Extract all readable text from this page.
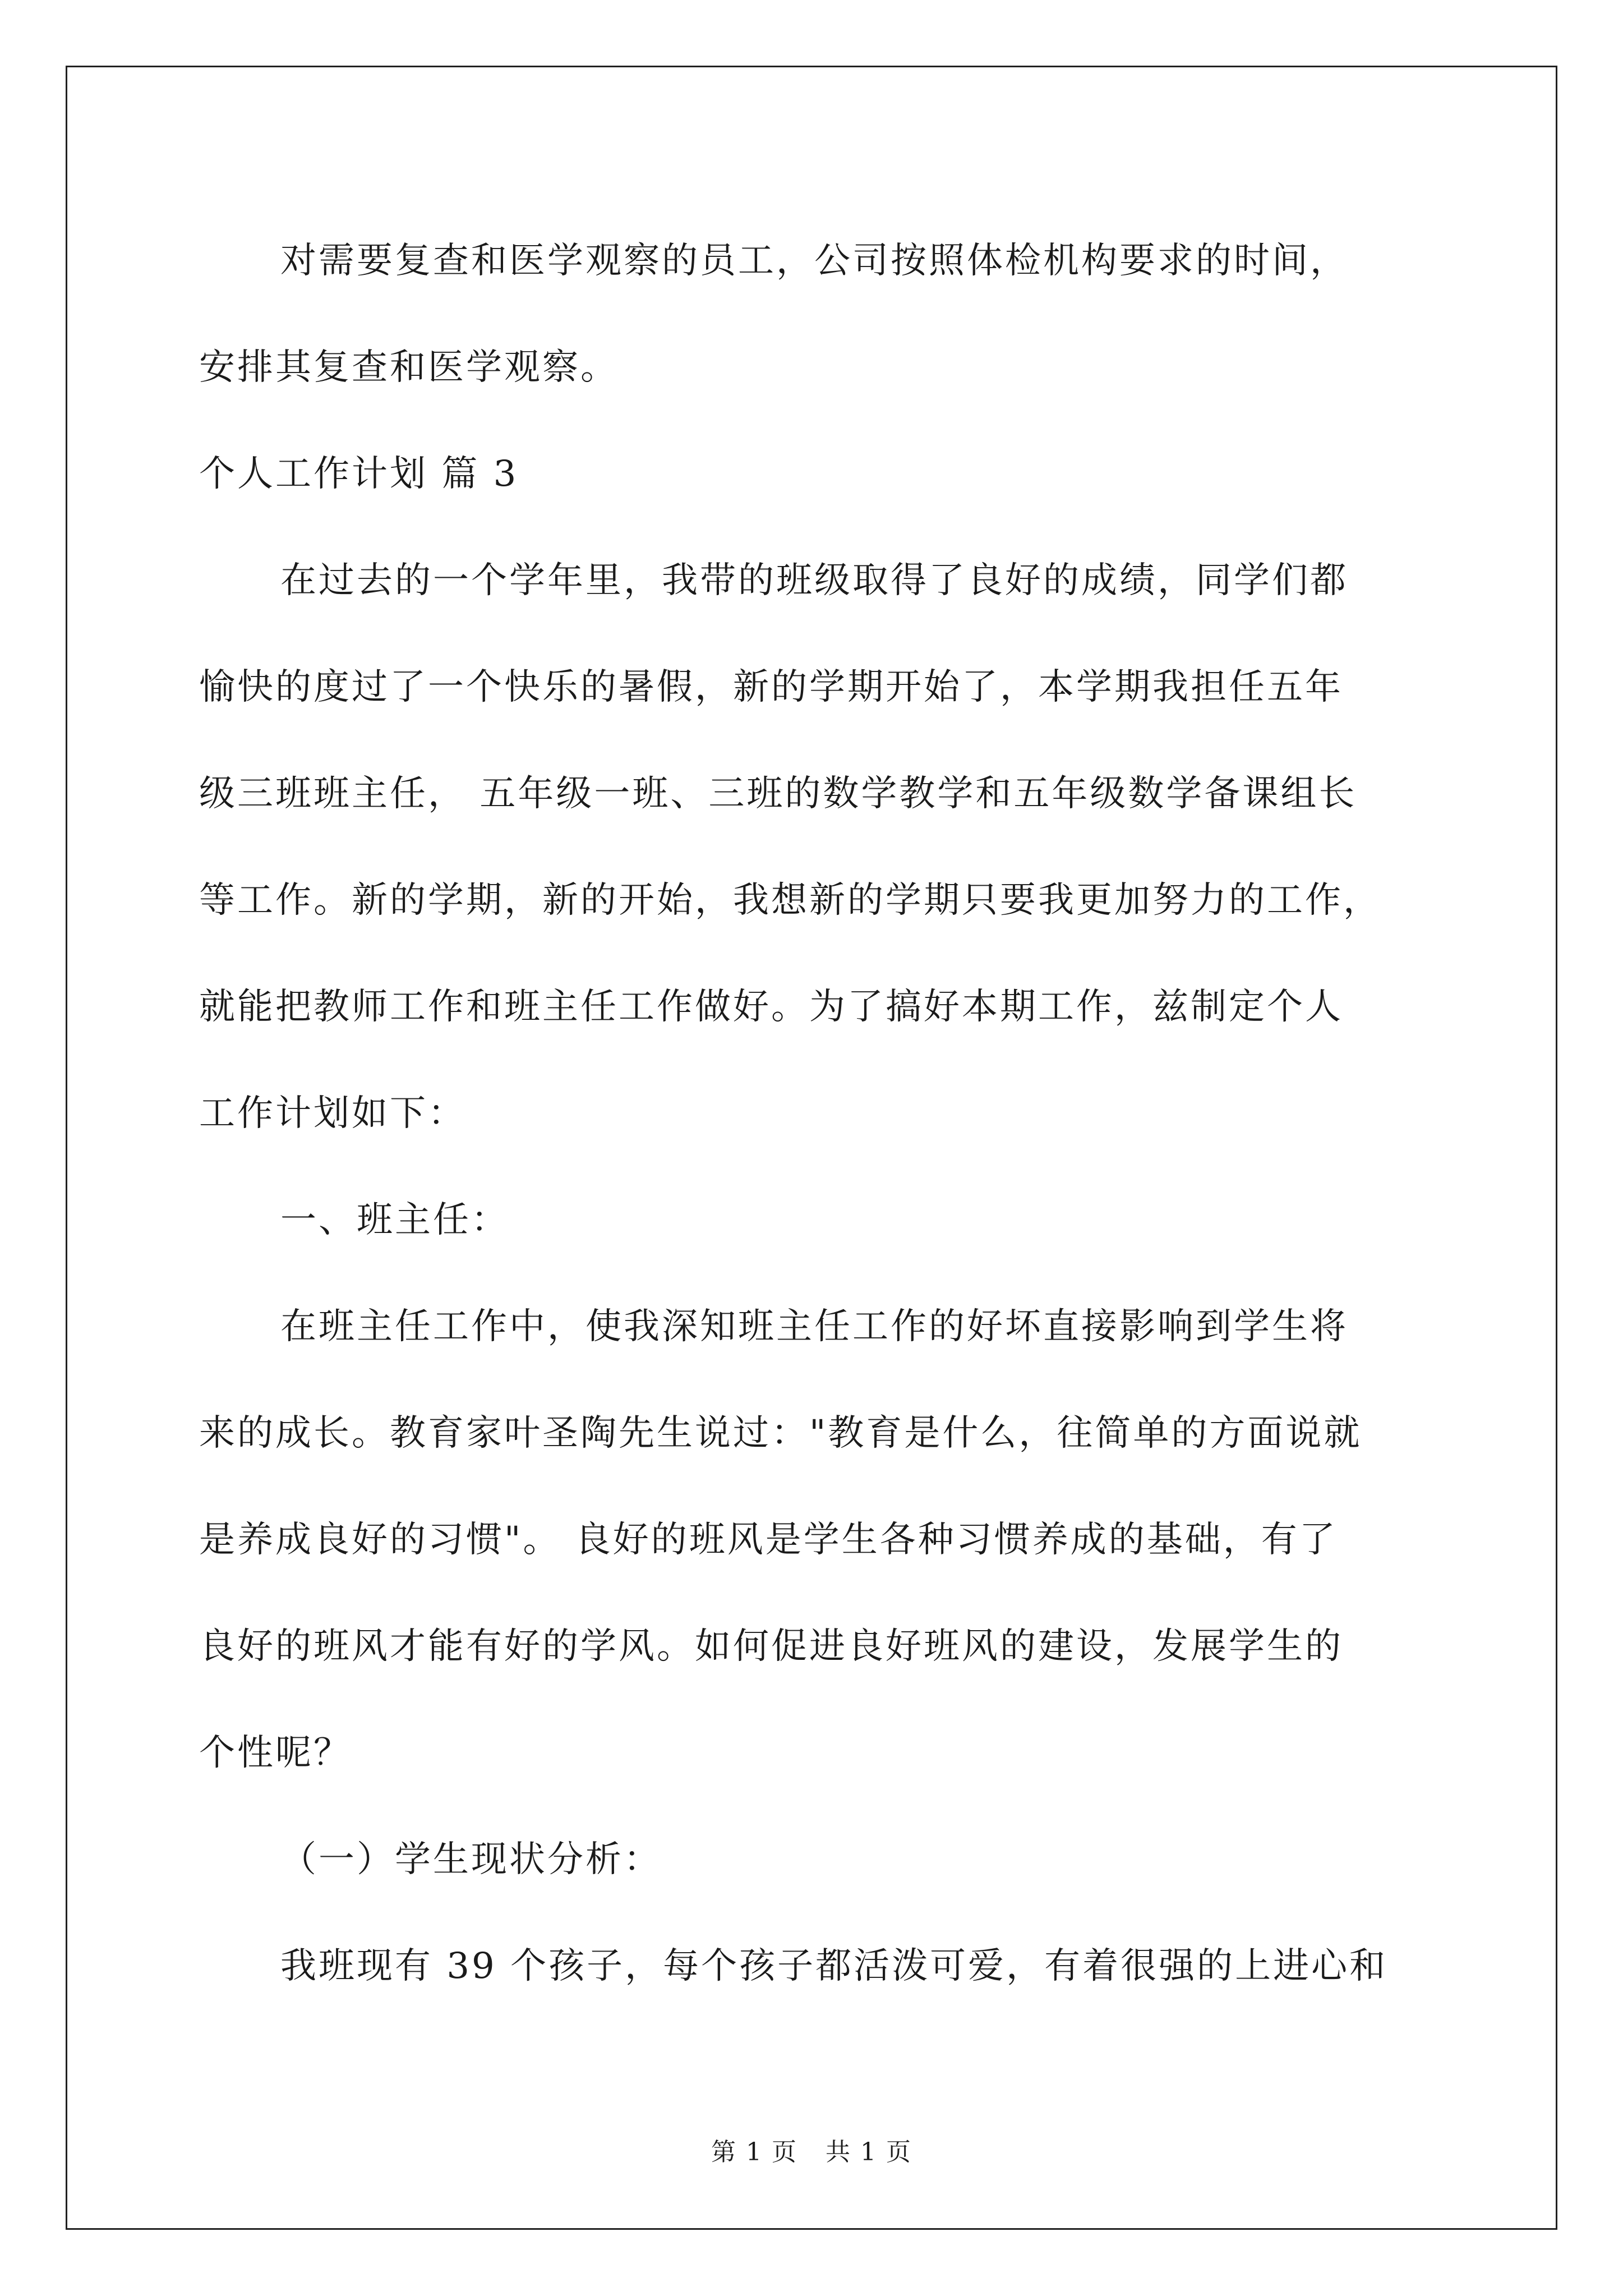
对需要复查和医学观察的员工，公司按照体检机构要求的时间，
安排其复查和医学观察。
个人工作计划 篇 3
在过去的一个学年里，我带的班级取得了良好的成绩，同学们都
愉快的度过了一个快乐的暑假，新的学期开始了，本学期我担任五年
级三班班主任， 五年级一班、三班的数学教学和五年级数学备课组长
等工作。新的学期，新的开始，我想新的学期只要我更加努力的工作，
就能把教师工作和班主任工作做好。为了搞好本期工作，兹制定个人
工作计划如下：
一、班主任：
在班主任工作中，使我深知班主任工作的好坏直接影响到学生将
来的成长。教育家叶圣陶先生说过："教育是什么，往简单的方面说就
是养成良好的习惯"。 良好的班风是学生各种习惯养成的基础，有了
良好的班风才能有好的学风。如何促进良好班风的建设，发展学生的
个性呢？
（一）学生现状分析：
我班现有 39 个孩子，每个孩子都活泼可爱，有着很强的上进心和
第 1 页 共 1 页
